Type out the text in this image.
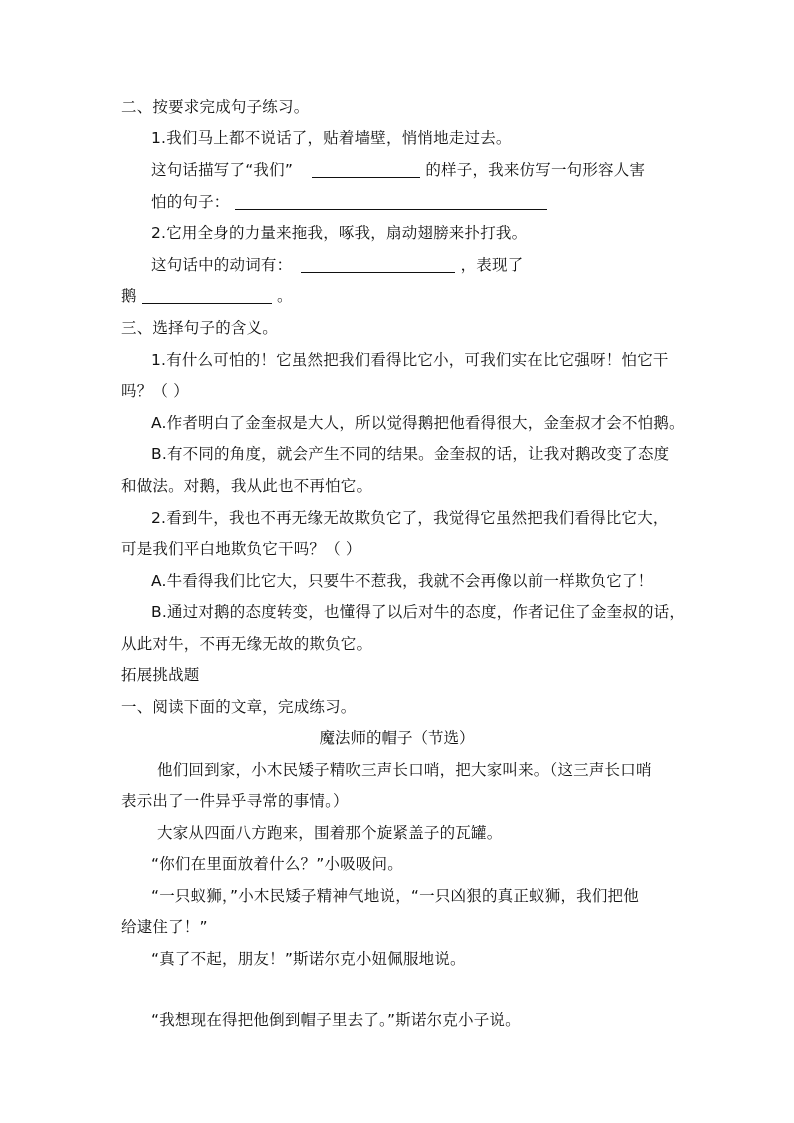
二、按要求完成句子练习。
1.我们马上都不说话了，贴着墙壁，悄悄地走过去。
这句话描写了“我们”	的样子，我来仿写一句形容人害
怕的句子：
2.它用全身的力量来拖我，啄我，扇动翅膀来扑打我。
这句话中的动词有：	，表现了
鹅	。
三、选择句子的含义。
1.有什么可怕的！它虽然把我们看得比它小，可我们实在比它强呀！怕它干
吗？（ ）
A.作者明白了金奎叔是大人，所以觉得鹅把他看得很大，金奎叔才会不怕鹅。
B.有不同的角度，就会产生不同的结果。金奎叔的话，让我对鹅改变了态度
和做法。对鹅，我从此也不再怕它。
2.看到牛，我也不再无缘无故欺负它了，我觉得它虽然把我们看得比它大，
可是我们平白地欺负它干吗？（ ）
A.牛看得我们比它大，只要牛不惹我，我就不会再像以前一样欺负它了！
B.通过对鹅的态度转变，也懂得了以后对牛的态度，作者记住了金奎叔的话，
从此对牛，不再无缘无故的欺负它。
拓展挑战题
一、阅读下面的文章，完成练习。
魔法师的帽子（节选）
他们回到家，小木民矮子精吹三声长口哨，把大家叫来。（这三声长口哨
表示出了一件异乎寻常的事情。）
大家从四面八方跑来，围着那个旋紧盖子的瓦罐。
“你们在里面放着什么？”小吸吸问。
“一只蚁狮，”小木民矮子精神气地说，“一只凶狠的真正蚁狮，我们把他
给逮住了！”
“真了不起，朋友！”斯诺尔克小妞佩服地说。
“我想现在得把他倒到帽子里去了。”斯诺尔克小子说。
